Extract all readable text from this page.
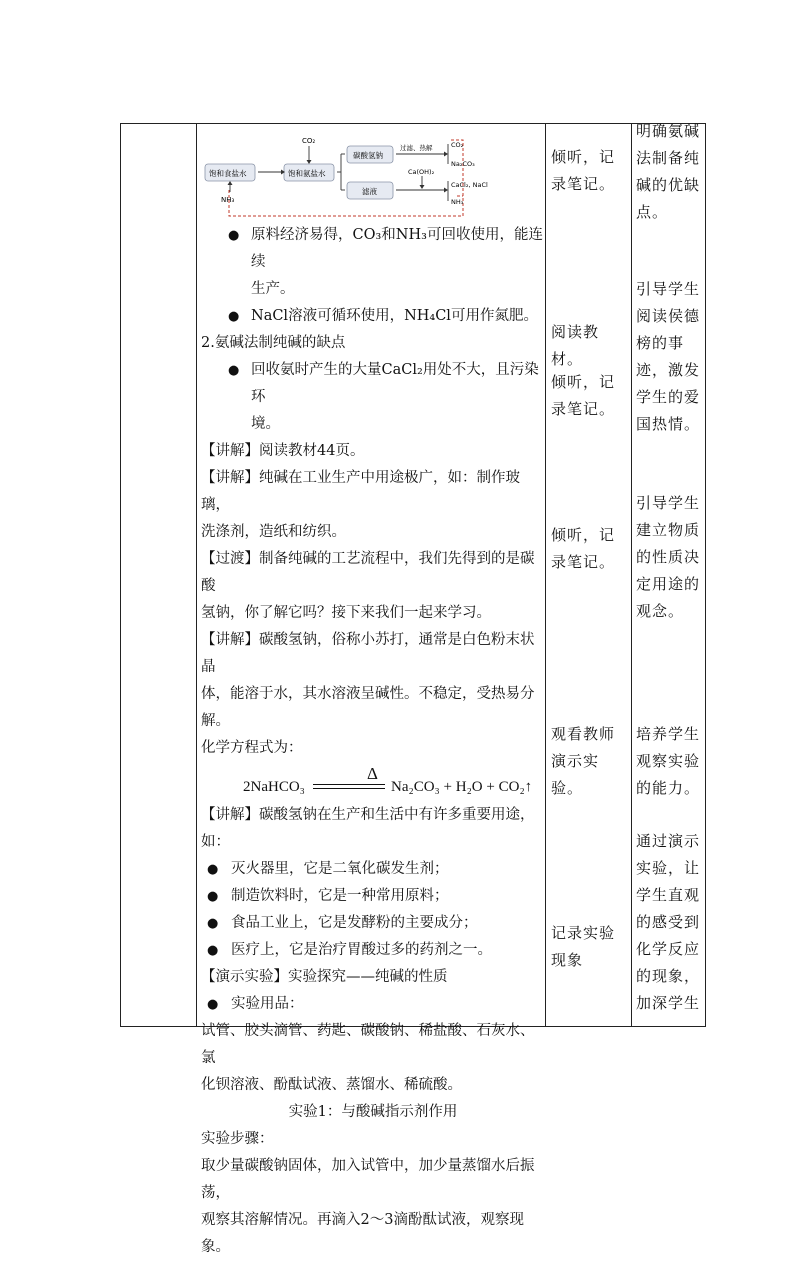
CO₂
饱和食盐水	饱和氨盐水
碳酸氢钠
滤液
过滤、热解
NH₃
CO₂
Na₂CO₃
Ca(OH)₂
CaCl₂, NaCl
NH₃
● 原料经济易得，CO₃和NH₃可回收使用，能连续

生产。

● NaCl溶液可循环使用，NH₄Cl可用作氮肥。

2.氨碱法制纯碱的缺点

● 回收氨时产生的大量CaCl₂用处不大，且污染环

境。

【讲解】阅读教材44页。

【讲解】纯碱在工业生产中用途极广，如：制作玻璃，

洗涤剂，造纸和纺织。

【过渡】制备纯碱的工艺流程中，我们先得到的是碳酸

氢钠，你了解它吗？接下来我们一起来学习。

【讲解】碳酸氢钠，俗称小苏打，通常是白色粉末状晶

体，能溶于水，其水溶液呈碱性。不稳定，受热易分解。

化学方程式为：

2NaHCO₃
Δ
Na₂CO₃ + H₂O + CO₂↑

【讲解】碳酸氢钠在生产和生活中有许多重要用途，如：

● 灭火器里，它是二氧化碳发生剂；

● 制造饮料时，它是一种常用原料；

● 食品工业上，它是发酵粉的主要成分；

● 医疗上，它是治疗胃酸过多的药剂之一。

【演示实验】实验探究——纯碱的性质

● 实验用品：

试管、胶头滴管、药匙、碳酸钠、稀盐酸、石灰水、氯

化钡溶液、酚酞试液、蒸馏水、稀硫酸。

实验1：与酸碱指示剂作用

实验步骤：

取少量碳酸钠固体，加入试管中，加少量蒸馏水后振荡，

观察其溶解情况。再滴入2～3滴酚酞试液，观察现象。

倾听，记录笔记。
阅读教材。
倾听，记录笔记。
倾听，记录笔记。
观看教师演示实验。
记录实验现象
明确氨碱法制备纯碱的优缺点。
引导学生阅读侯德榜的事迹，激发学生的爱国热情。
引导学生建立物质的性质决定用途的观念。
培养学生观察实验的能力。
通过演示实验，让学生直观的感受到化学反应的现象，加深学生
